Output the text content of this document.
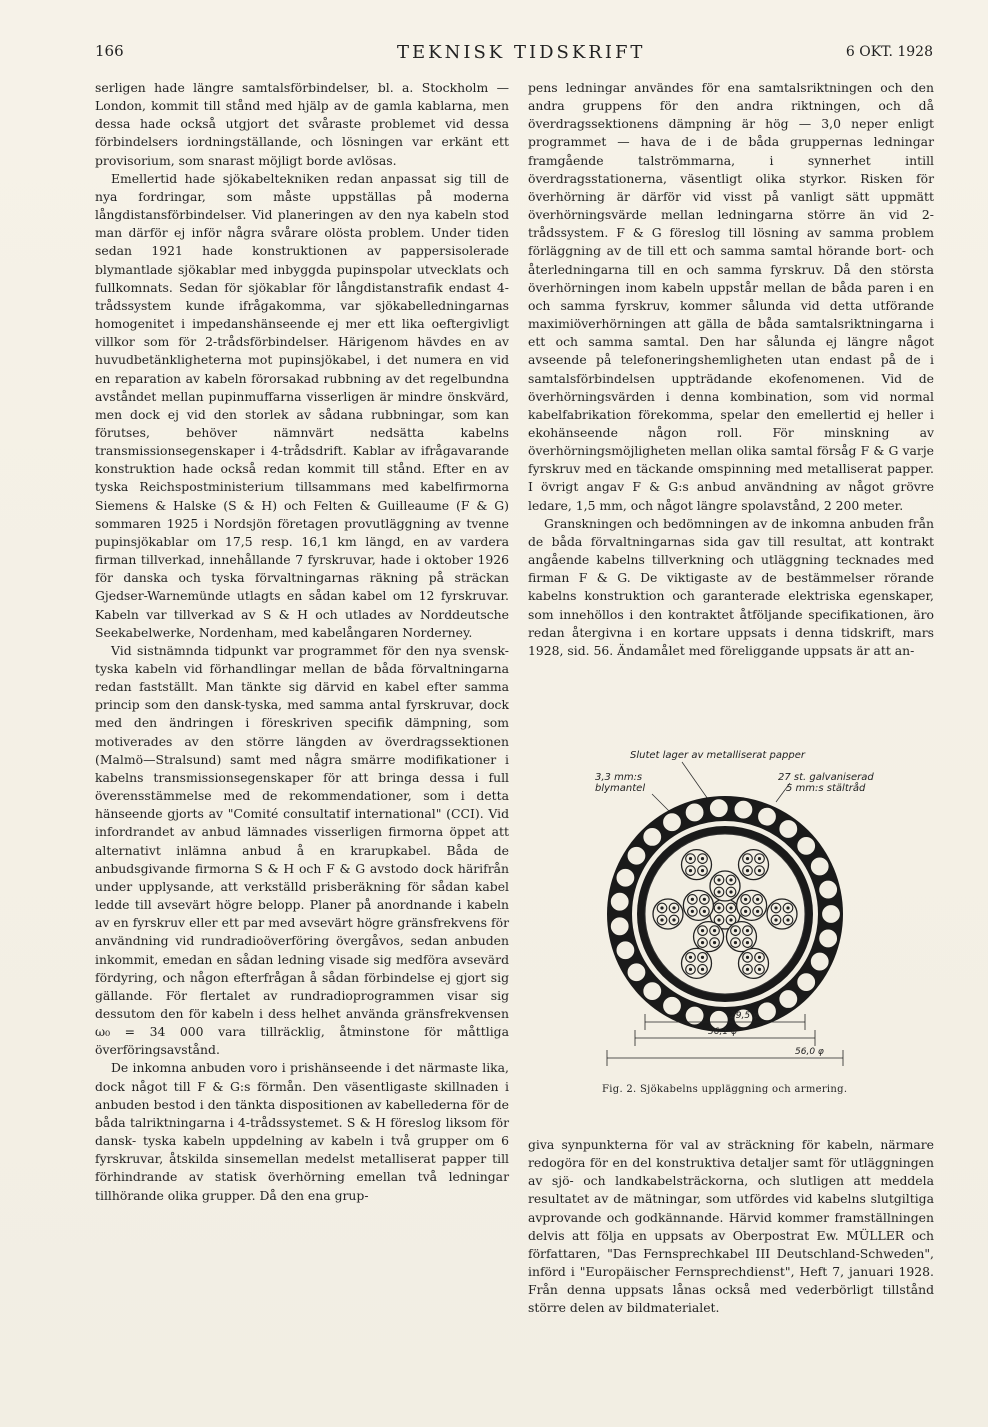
166	TEKNISK TIDSKRIFT	6 OKT. 1928

serligen hade längre samtalsförbindelser, bl. a. Stockholm —London, kommit till stånd med hjälp av de gamla kablarna, men dessa hade också utgjort det svåraste problemet vid dessa förbindelsers iordningställande, och lösningen var erkänt ett provisorium, som snarast möjligt borde avlösas.

Emellertid hade sjökabeltekniken redan anpassat sig till de nya fordringar, som måste uppställas på moderna långdistansförbindelser. Vid planeringen av den nya kabeln stod man därför ej inför några svårare olösta problem. Under tiden sedan 1921 hade konstruktionen av pappersisolerade blymantlade sjökablar med inbyggda pupinspolar utvecklats och fullkomnats. Sedan för sjökablar för långdistanstrafik endast 4-trådssystem kunde ifrågakomma, var sjökabelledningarnas homogenitet i impedanshänseende ej mer ett lika oeftergivligt villkor som för 2-trådsförbindelser. Härigenom hävdes en av huvudbetänkligheterna mot pupinsjökabel, i det numera en vid en reparation av kabeln förorsakad rubbning av det regelbundna avståndet mellan pupinmuffarna visserligen är mindre önskvärd, men dock ej vid den storlek av sådana rubbningar, som kan förutses, behöver nämnvärt nedsätta kabelns transmissionsegenskaper i 4-trådsdrift. Kablar av ifrågavarande konstruktion hade också redan kommit till stånd. Efter en av tyska Reichspostministerium tillsammans med kabelfirmorna Siemens & Halske (S & H) och Felten & Guilleaume (F & G) sommaren 1925 i Nordsjön företagen provutläggning av tvenne pupinsjökablar om 17,5 resp. 16,1 km längd, en av vardera firman tillverkad, innehållande 7 fyrskruvar, hade i oktober 1926 för danska och tyska förvaltningarnas räkning på sträckan Gjedser-Warnemünde utlagts en sådan kabel om 12 fyrskruvar. Kabeln var tillverkad av S & H och utlades av Norddeutsche Seekabelwerke, Nordenham, med kabelångaren Norderney.

Vid sistnämnda tidpunkt var programmet för den nya svensk-tyska kabeln vid förhandlingar mellan de båda förvaltningarna redan fastställt. Man tänkte sig därvid en kabel efter samma princip som den dansk-tyska, med samma antal fyrskruvar, dock med den ändringen i föreskriven specifik dämpning, som motiverades av den större längden av överdragssektionen (Malmö—Stralsund) samt med några smärre modifikationer i kabelns transmissionsegenskaper för att bringa dessa i full överensstämmelse med de rekommendationer, som i detta hänseende gjorts av "Comité consultatif international" (CCI). Vid infordrandet av anbud lämnades visserligen firmorna öppet att alternativt inlämna anbud å en krarupkabel. Båda de anbudsgivande firmorna S & H och F & G avstodo dock härifrån under upplysande, att verkställd prisberäkning för sådan kabel ledde till avsevärt högre belopp. Planer på anordnande i kabeln av en fyrskruv eller ett par med avsevärt högre gränsfrekvens för användning vid rundradioöverföring övergåvos, sedan anbuden inkommit, emedan en sådan ledning visade sig medföra avsevärd fördyring, och någon efterfrågan å sådan förbindelse ej gjort sig gällande. För flertalet av rundradioprogrammen visar sig dessutom den för kabeln i dess helhet använda gränsfrekvensen ω₀ = 34 000 vara tillräcklig, åtminstone för måttliga överföringsavstånd.

De inkomna anbuden voro i prishänseende i det närmaste lika, dock något till F & G:s förmån. Den väsentligaste skillnaden i anbuden bestod i den tänkta dispositionen av kabelledernа för de båda talriktningarna i 4-trådssystemet. S & H föreslog liksom för dansk- tyska kabeln uppdelning av kabeln i två grupper om 6 fyrskruvar, åtskilda sinsemellan medelst metalliserat papper till förhindrande av statisk överhörning emellan två ledningar tillhörande olika grupper. Då den ena grup-

pens ledningar användes för ena samtalsriktningen och den andra gruppens för den andra riktningen, och då överdragssektionens dämpning är hög — 3,0 neper enligt programmet — hava de i de båda gruppernas ledningar framgående talströmmarna, i synnerhet intill överdragsstationerna, väsentligt olika styrkor. Risken för överhörning är därför vid visst på vanligt sätt uppmätt överhörningsvärde mellan ledningarna större än vid 2-trådssystem. F & G föreslog till lösning av samma problem förläggning av de till ett och samma samtal hörande bort- och återledningarna till en och samma fyrskruv. Då den största överhörningen inom kabeln uppstår mellan de båda paren i en och samma fyrskruv, kommer sålunda vid detta utförande maximiöverhörningen att gälla de båda samtalsriktningarna i ett och samma samtal. Den har sålunda ej längre något avseende på telefoneringshemligheten utan endast på de i samtalsförbindelsen uppträdande ekofenomenen. Vid de överhörningsvärden i denna kombination, som vid normal kabelfabrikation förekomma, spelar den emellertid ej heller i ekohänseende någon roll. För minskning av överhörningsmöjligheten mellan olika samtal försåg F & G varje fyrskruv med en täckande omspinning med metalliserat papper. I övrigt angav F & G:s anbud användning av något grövre ledare, 1,5 mm, och något längre spolavstånd, 2 200 meter.

Granskningen och bedömningen av de inkomna anbuden från de båda förvaltningarnas sida gav till resultat, att kontrakt angående kabelns tillverkning och utläggning tecknades med firman F & G. De viktigaste av de bestämmelser rörande kabelns konstruktion och garanterade elektriska egenskaper, som innehöllos i den kontraktet åtföljande specifikationen, äro redan återgivna i en kortare uppsats i denna tidskrift, mars 1928, sid. 56. Ändamålet med föreliggande uppsats är att an-

Slutet lager av metalliserat papper
3,3 mm:s
blymantel
27 st. galvaniserad
5 mm:s stältråd
29,5 φ
36,1 φ
56,0 φ
Fig. 2. Sjökabelns uppläggning och armering.

giva synpunkterna för val av sträckning för kabeln, närmare redogöra för en del konstruktiva detaljer samt för utläggningen av sjö- och landkabelsträckorna, och slutligen att meddela resultatet av de mätningar, som utfördes vid kabelns slutgiltiga avprovande och godkännande. Härvid kommer framställningen delvis att följa en uppsats av Oberpostrat Ew. MÜLLER och författaren, "Das Fernsprechkabel III Deutschland-Schweden", införd i "Europäischer Fernsprechdienst", Heft 7, januari 1928. Från denna uppsats lånas också med vederbörligt tillstånd större delen av bildmaterialet.
